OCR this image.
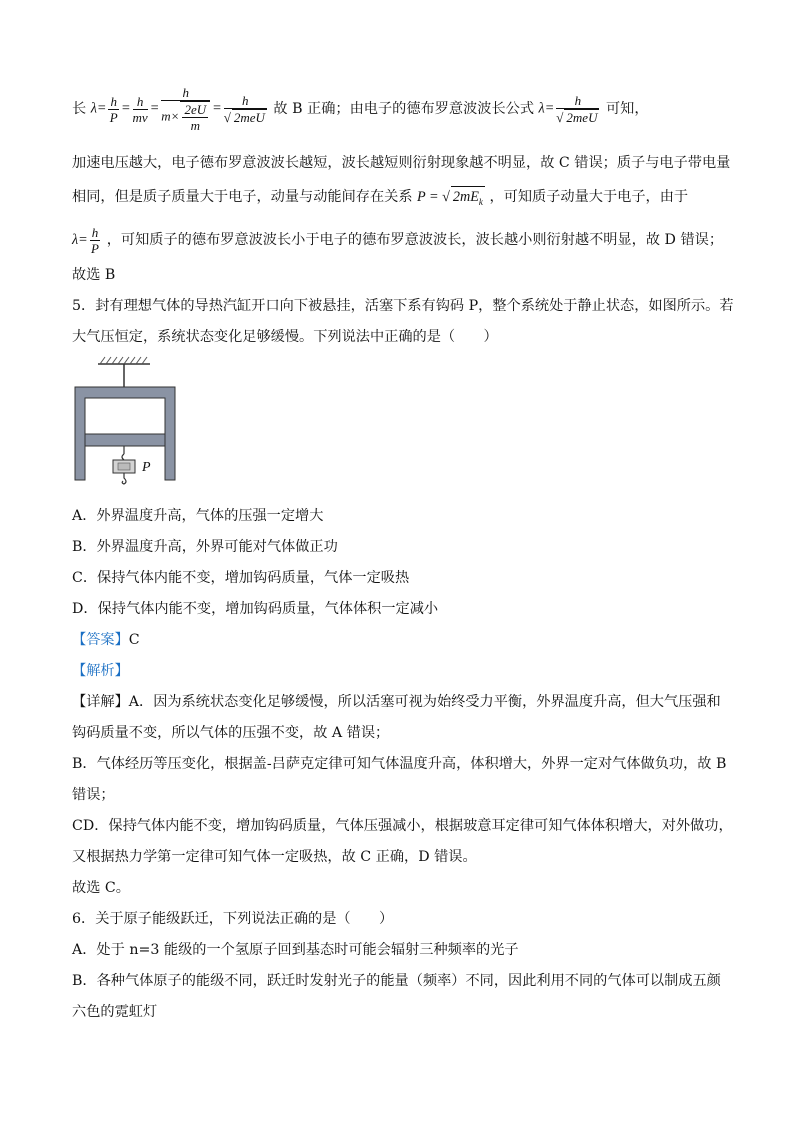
长 $\lambda= \frac{h}{P} = \frac{h}{mv} = \frac{h}{m\times \frac{2eU}{m}} = \frac{h}{\text{√ 2meU}}$ 故 B 正确；由电子的德布罗意波波长公式 $\lambda= \frac{h}{\text{√ 2meU}}$ 可知，
加速电压越大，电子德布罗意波波长越短，波长越短则衍射现象越不明显，故 C 错误；质子与电子带电量
相同，但是质子质量大于电子，动量与动能间存在关系 P = √ $2mE_k$ ，可知质子动量大于电子，由于
$\lambda= \frac{h}{P}$ ，可知质子的德布罗意波波长小于电子的德布罗意波波长，波长越小则衍射越不明显，故 D 错误；
故选 B
5．封有理想气体的导热汽缸开口向下被悬挂，活塞下系有钩码 P，整个系统处于静止状态，如图所示。若
大气压恒定，系统状态变化足够缓慢。下列说法中正确的是（　　）
P
A．外界温度升高，气体的压强一定增大
B．外界温度升高，外界可能对气体做正功
C．保持气体内能不变，增加钩码质量，气体一定吸热
D．保持气体内能不变，增加钩码质量，气体体积一定减小
【答案】C
【解析】
【详解】A．因为系统状态变化足够缓慢，所以活塞可视为始终受力平衡，外界温度升高，但大气压强和
钩码质量不变，所以气体的压强不变，故 A 错误；
B．气体经历等压变化，根据盖-吕萨克定律可知气体温度升高，体积增大，外界一定对气体做负功，故 B
错误；
CD．保持气体内能不变，增加钩码质量，气体压强减小，根据玻意耳定律可知气体体积增大，对外做功，
又根据热力学第一定律可知气体一定吸热，故 C 正确，D 错误。
故选 C。
6．关于原子能级跃迁，下列说法正确的是（　　）
A．处于 n=3 能级的一个氢原子回到基态时可能会辐射三种频率的光子
B．各种气体原子的能级不同，跃迁时发射光子的能量（频率）不同，因此利用不同的气体可以制成五颜
六色的霓虹灯
